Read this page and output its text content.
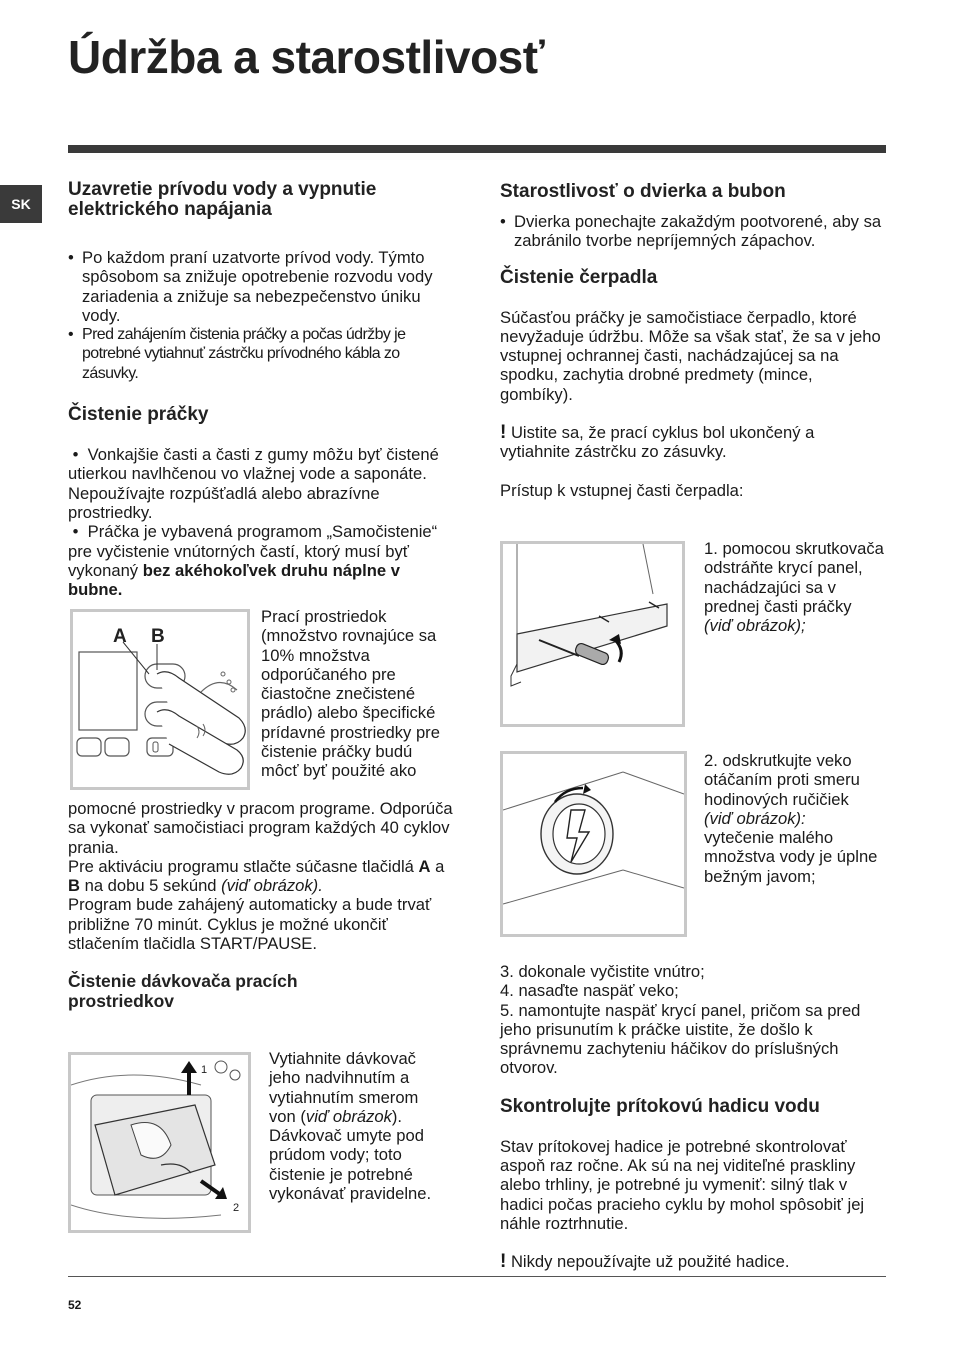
Údržba a starostlivosť
SK
Uzavretie prívodu vody a vypnutie elektrického napájania

• Po každom praní uzatvorte prívod vody. Týmto spôsobom sa znižuje opotrebenie rozvodu vody zariadenia a znižuje sa nebezpečenstvo úniku vody.

• Pred zahájením čistenia práčky a počas údržby je potrebné vytiahnuť zástrčku prívodného kábla zo zásuvky.

Čistenie práčky

•  Vonkajšie časti a časti z gumy môžu byť čistené utierkou navlhčenou vo vlažnej vode a saponáte. Nepoužívajte rozpúšťadlá alebo abrazívne prostriedky.

•  Práčka je vybavená programom „Samočistenie“ pre vyčistenie vnútorných častí, ktorý musí byť vykonaný bez akéhokoľvek druhu náplne v bubne.

A B

Prací prostriedok (množstvo rovnajúce sa 10% množstva odporúčaného pre čiastočne znečistené prádlo) alebo špecifické prídavné prostriedky pre čistenie práčky budú môcť byť použité ako

pomocné prostriedky v pracom programe. Odporúča sa vykonať samočistiaci program každých 40 cyklov prania.

Pre aktiváciu programu stlačte súčasne tlačidlá A a B na dobu 5 sekúnd (viď obrázok).

Program bude zahájený automaticky a bude trvať približne 70 minút. Cyklus je možné ukončiť stlačením tlačidla START/PAUSE.

Čistenie dávkovača pracích prostriedkov
1
2

Vytiahnite dávkovač jeho nadvihnutím a vytiahnutím smerom von (viď obrázok). Dávkovač umyte pod prúdom vody; toto čistenie je potrebné vykonávať pravidelne.

Starostlivosť o dvierka a bubon

• Dvierka ponechajte zakaždým pootvorené, aby sa zabránilo tvorbe nepríjemných zápachov.

Čistenie čerpadla

Súčasťou práčky je samočistiace čerpadlo, ktoré nevyžaduje údržbu. Môže sa však stať, že sa v jeho vstupnej ochrannej časti, nachádzajúcej sa na spodku, zachytia drobné predmety (mince, gombíky).

! Uistite sa, že prací cyklus bol ukončený a vytiahnite zástrčku zo zásuvky.

Prístup k vstupnej časti čerpadla:

1. pomocou skrutkovača odstráňte krycí panel, nachádzajúci sa v prednej časti práčky

(viď obrázok);

2. odskrutkujte veko otáčaním proti smeru hodinových ručičiek

(viď obrázok):

vytečenie malého množstva vody je úplne bežným javom;

3. dokonale vyčistite vnútro;

4. nasaďte naspäť veko;

5. namontujte naspäť krycí panel, pričom sa pred jeho prisunutím k práčke uistite, že došlo k správnemu zachyteniu háčikov do príslušných otvorov.

Skontrolujte prítokovú hadicu vodu

Stav prítokovej hadice je potrebné skontrolovať aspoň raz ročne. Ak sú na nej viditeľné praskliny alebo trhliny, je potrebné ju vymeniť: silný tlak v hadici počas pracieho cyklu by mohol spôsobiť jej náhle roztrhnutie.

! Nikdy nepoužívajte už použité hadice.

52
